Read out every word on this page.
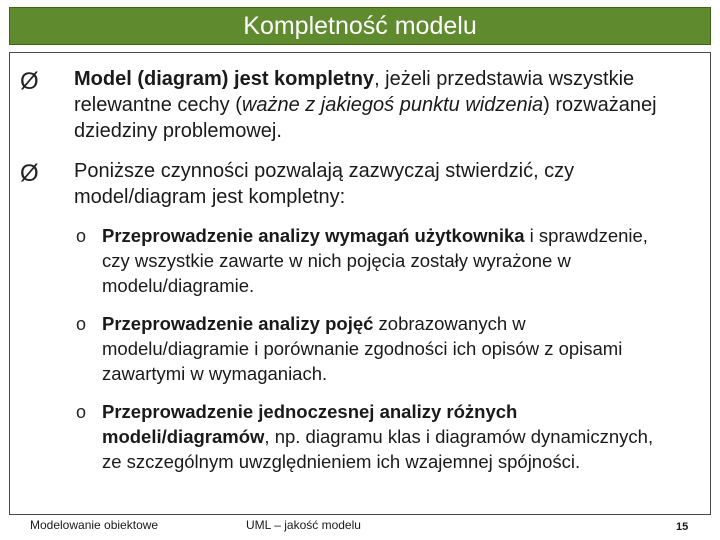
Kompletność modelu
Ø Model (diagram) jest kompletny, jeżeli przedstawia wszystkie relewantne cechy (ważne z jakiegoś punktu widzenia) rozważanej dziedziny problemowej.
Ø Poniższe czynności pozwalają zazwyczaj stwierdzić, czy model/diagram jest kompletny:
o Przeprowadzenie analizy wymagań użytkownika i sprawdzenie, czy wszystkie zawarte w nich pojęcia zostały wyrażone w modelu/diagramie.
o Przeprowadzenie analizy pojęć zobrazowanych w modelu/diagramie i porównanie zgodności ich opisów z opisami zawartymi w wymaganiach.
o Przeprowadzenie jednoczesnej analizy różnych modeli/diagramów, np. diagramu klas i diagramów dynamicznych, ze szczególnym uwzględnieniem ich wzajemnej spójności.
Modelowanie obiektowe	UML – jakość modelu	15
